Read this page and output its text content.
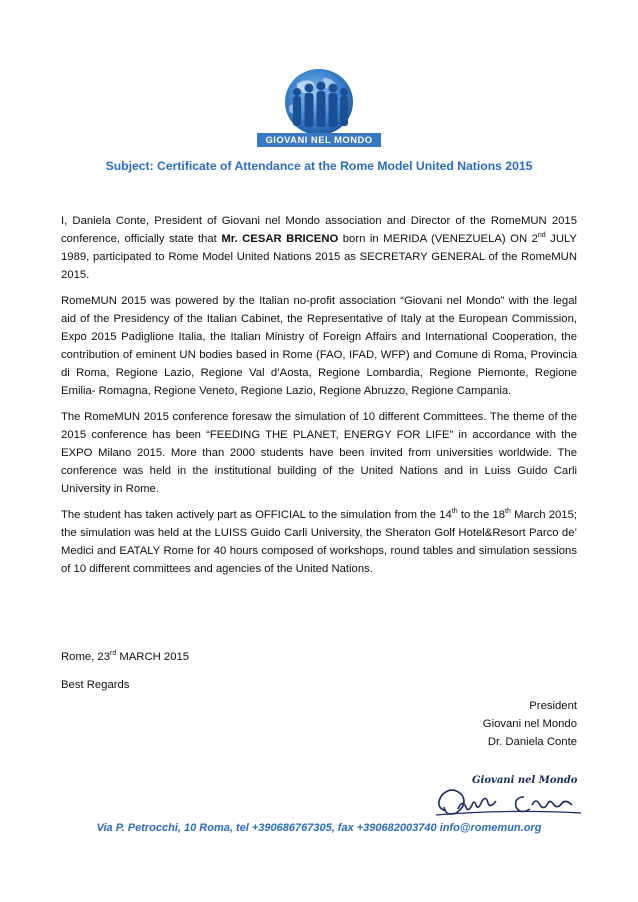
GIOVANI NEL MONDO
Subject: Certificate of Attendance at the Rome Model United Nations 2015

I, Daniela Conte, President of Giovani nel Mondo association and Director of the RomeMUN 2015 conference, officially state that Mr. CESAR BRICENO born in MERIDA (VENEZUELA) ON 2nd JULY 1989, participated to Rome Model United Nations 2015 as SECRETARY GENERAL of the RomeMUN 2015.

RomeMUN 2015 was powered by the Italian no-profit association “Giovani nel Mondo” with the legal aid of the Presidency of the Italian Cabinet, the Representative of Italy at the European Commission, Expo 2015 Padiglione Italia, the Italian Ministry of Foreign Affairs and International Cooperation, the contribution of eminent UN bodies based in Rome (FAO, IFAD, WFP) and Comune di Roma, Provincia di Roma, Regione Lazio, Regione Val d’Aosta, Regione Lombardia, Regione Piemonte, Regione Emilia- Romagna, Regione Veneto, Regione Lazio, Regione Abruzzo, Regione Campania.

The RomeMUN 2015 conference foresaw the simulation of 10 different Committees. The theme of the 2015 conference has been “FEEDING THE PLANET, ENERGY FOR LIFE” in accordance with the EXPO Milano 2015. More than 2000 students have been invited from universities worldwide. The conference was held in the institutional building of the United Nations and in Luiss Guido Carli University in Rome.

The student has taken actively part as OFFICIAL to the simulation from the 14th to the 18th March 2015; the simulation was held at the LUISS Guido Carli University, the Sheraton Golf Hotel&Resort Parco de’ Medici and EATALY Rome for 40 hours composed of workshops, round tables and simulation sessions of 10 different committees and agencies of the United Nations.

Rome, 23rd MARCH 2015
Best Regards
President
Giovani nel Mondo
Dr. Daniela Conte
Giovani nel Mondo
Via P. Petrocchi, 10 Roma, tel +390686767305, fax +390682003740 info@romemun.org
